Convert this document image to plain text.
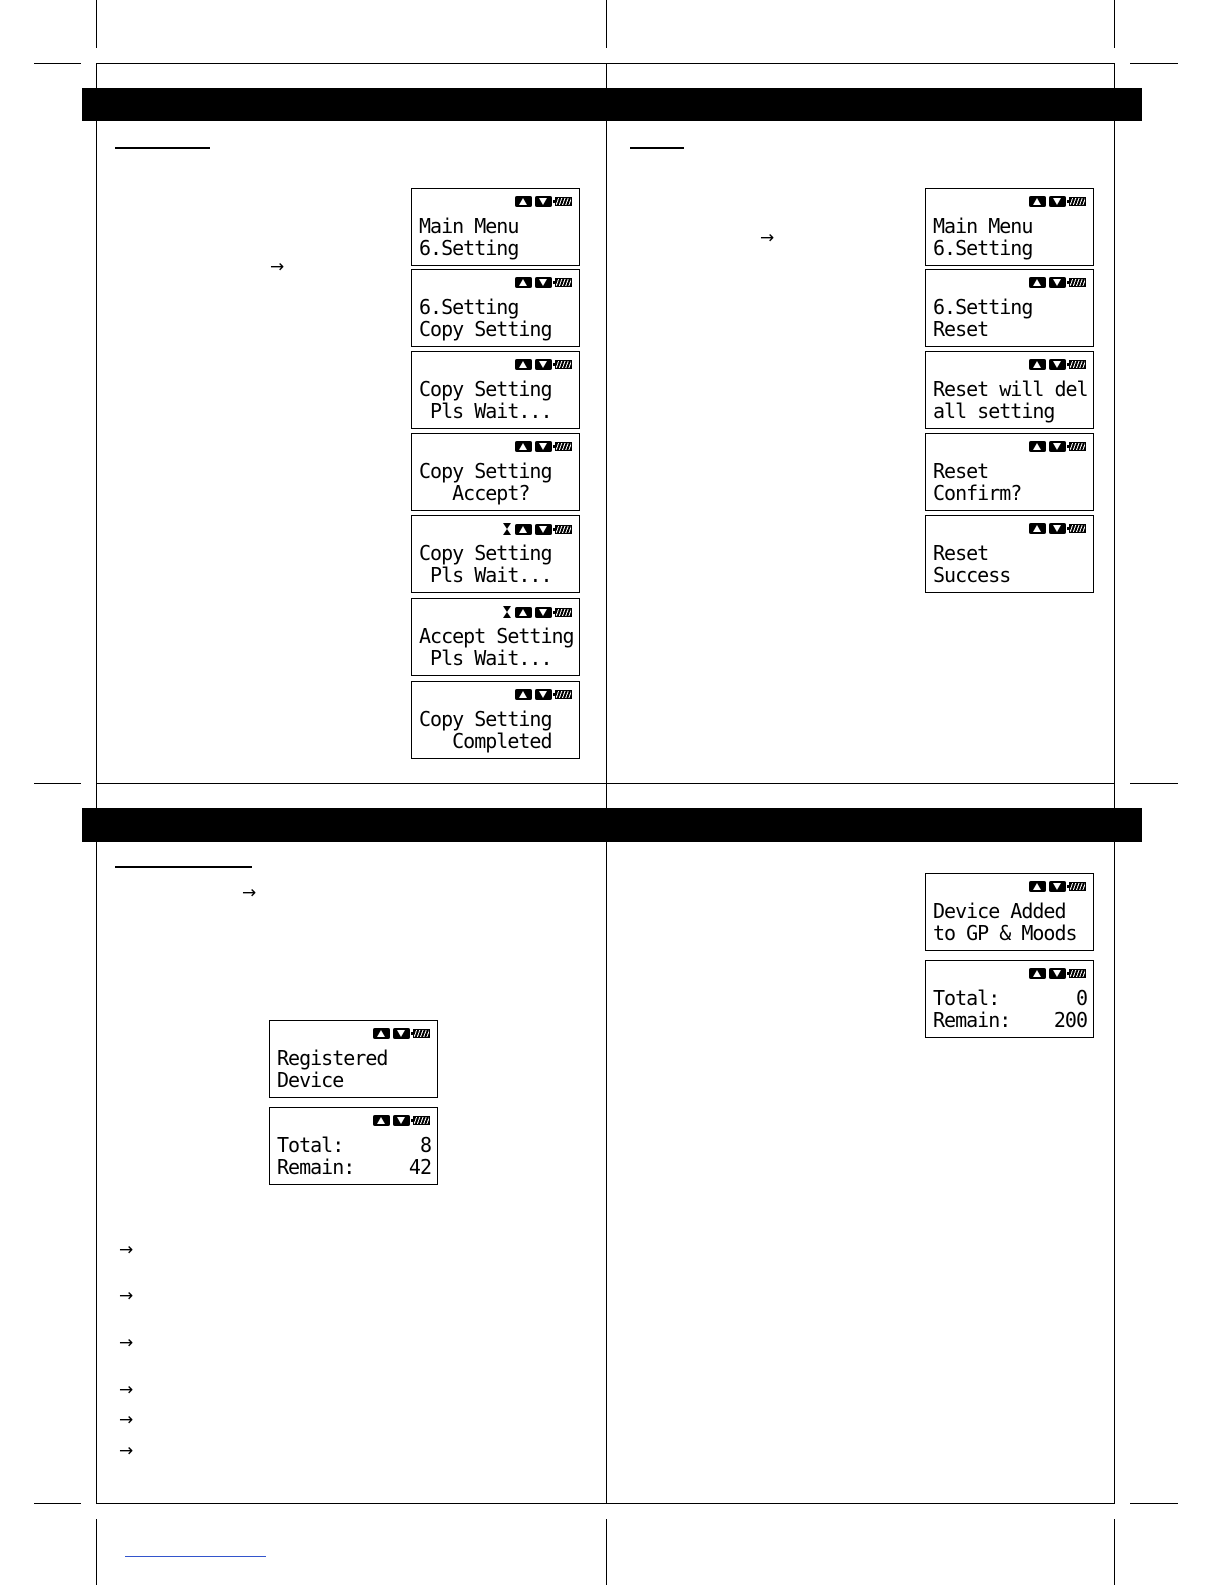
→
→
→
→
→
→
→
→
→
Main Menu
6.Setting
6.Setting
Copy Setting
Copy Setting
Pls Wait...
Copy Setting
Accept?
Copy Setting
Pls Wait...
Accept Setting
Pls Wait...
Copy Setting
Completed
Main Menu
6.Setting
6.Setting
Reset
Reset will del
all setting
Reset
Confirm?
Reset
Success
Registered
Device
Total:	8
Remain:	42
Device Added
to GP & Moods
Total:	0
Remain: 200
